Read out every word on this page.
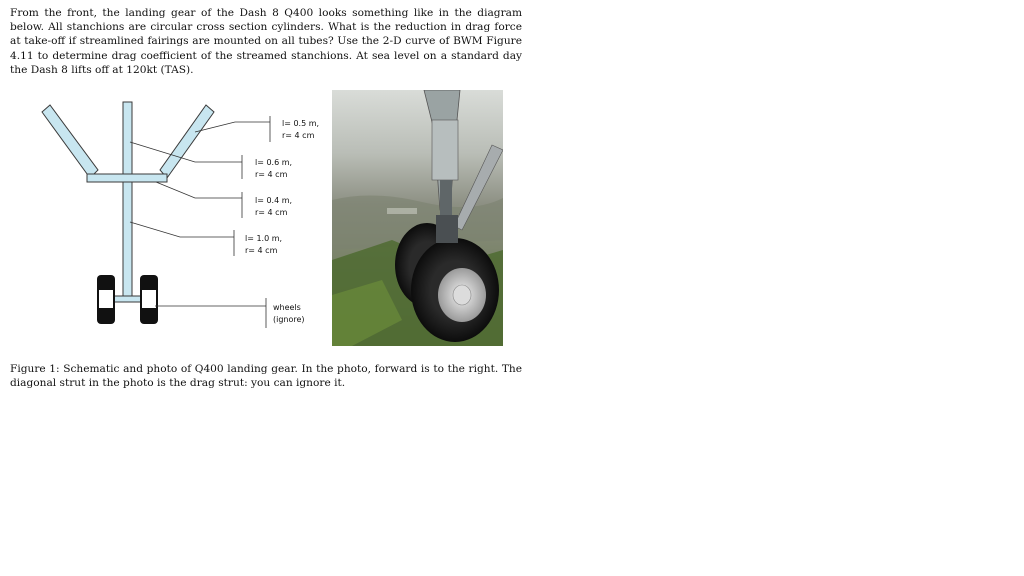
From the front, the landing gear of the Dash 8 Q400 looks something like in the diagram below. All stanchions are circular cross section cylinders. What is the reduction in drag force at take-off if streamlined fairings are mounted on all tubes? Use the 2-D curve of BWM Figure 4.11 to determine drag coefficient of the streamed stanchions. At sea level on a standard day the Dash 8 lifts off at 120kt (TAS).

l= 0.5 m,
r= 4 cm
l= 0.6 m,
r= 4 cm
l= 0.4 m,
r= 4 cm
l= 1.0 m,
r= 4 cm
wheels
(ignore)

Figure 1: Schematic and photo of Q400 landing gear. In the photo, forward is to the right. The diagonal strut in the photo is the drag strut: you can ignore it.
